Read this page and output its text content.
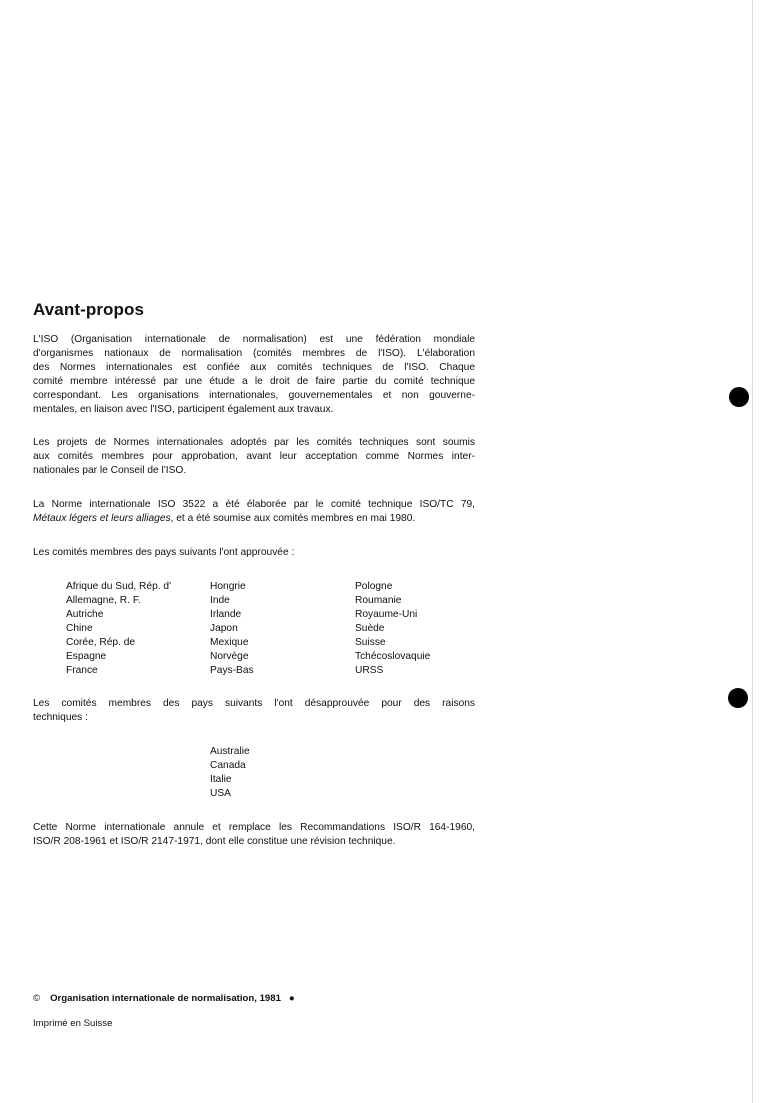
Avant-propos
L'ISO (Organisation internationale de normalisation) est une fédération mondiale
d'organismes nationaux de normalisation (comités membres de l'ISO). L'élaboration
des Normes internationales est confiée aux comités techniques de l'ISO. Chaque
comité membre intéressé par une étude a le droit de faire partie du comité technique
correspondant. Les organisations internationales, gouvernementales et non gouverne-
mentales, en liaison avec l'ISO, participent également aux travaux.
Les projets de Normes internationales adoptés par les comités techniques sont soumis
aux comités membres pour approbation, avant leur acceptation comme Normes inter-
nationales par le Conseil de l'ISO.
La Norme internationale ISO 3522 a été élaborée par le comité technique ISO/TC 79,
Métaux légers et leurs alliages, et a été soumise aux comités membres en mai 1980.
Les comités membres des pays suivants l'ont approuvée :
Afrique du Sud, Rép. d'
Allemagne, R. F.
Autriche
Chine
Corée, Rép. de
Espagne
France
Hongrie
Inde
Irlande
Japon
Mexique
Norvège
Pays-Bas
Pologne
Roumanie
Royaume-Uni
Suède
Suisse
Tchécoslovaquie
URSS
Les comités membres des pays suivants l'ont désapprouvée pour des raisons
techniques :
Australie
Canada
Italie
USA
Cette Norme internationale annule et remplace les Recommandations ISO/R 164-1960,
ISO/R 208-1961 et ISO/R 2147-1971, dont elle constitue une révision technique.
© Organisation internationale de normalisation, 1981 ●
Imprimé en Suisse
